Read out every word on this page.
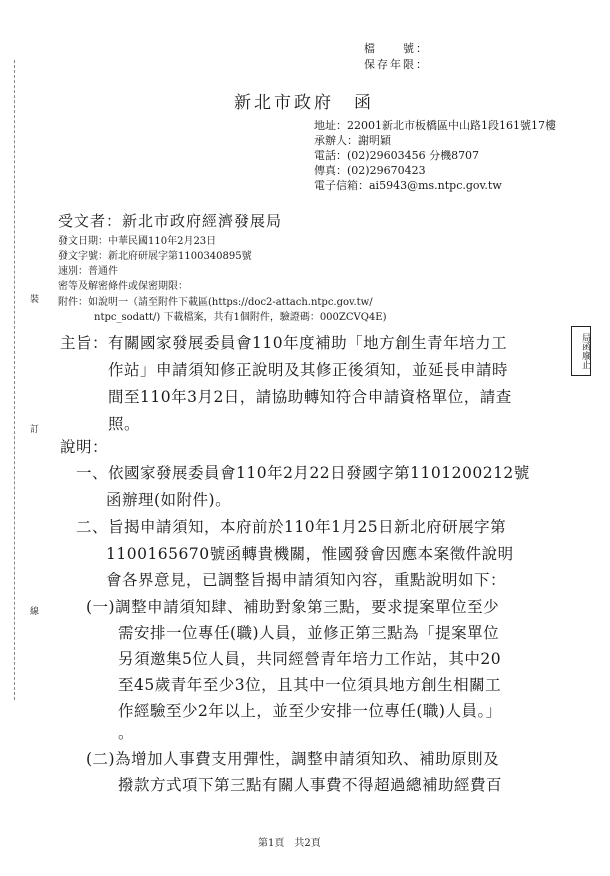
檔　　號：
保存年限：
新北市政府　函
地址：22001新北市板橋區中山路1段161號17樓
承辦人：謝明穎
電話：(02)29603456 分機8707
傳真：(02)29670423
電子信箱：ai5943@ms.ntpc.gov.tw
裝
訂
線
受文者：新北市政府經濟發展局
發文日期：中華民國110年2月23日
發文字號：新北府研展字第1100340895號
速別：普通件
密等及解密條件或保密期限：
附件：如說明一（請至附件下載區(https://doc2-attach.ntpc.gov.tw/
ntpc_sodatt/) 下載檔案，共有1個附件，驗證碼：000ZCVQ4E)
局函廢止
主旨：有關國家發展委員會110年度補助「地方創生青年培力工
作站」申請須知修正說明及其修正後須知，並延長申請時
間至110年3月2日，請協助轉知符合申請資格單位，請查
照。
說明：
一、依國家發展委員會110年2月22日發國字第1101200212號
函辦理(如附件)。
二、旨揭申請須知，本府前於110年1月25日新北府研展字第
1100165670號函轉貴機關，惟國發會因應本案徵件說明
會各界意見，已調整旨揭申請須知內容，重點說明如下：
(一)調整申請須知肆、補助對象第三點，要求提案單位至少
需安排一位專任(職)人員，並修正第三點為「提案單位
另須邀集5位人員，共同經營青年培力工作站，其中20
至45歲青年至少3位，且其中一位須具地方創生相關工
作經驗至少2年以上，並至少安排一位專任(職)人員。」
。
(二)為增加人事費支用彈性，調整申請須知玖、補助原則及
撥款方式項下第三點有關人事費不得超過總補助經費百
第1頁　共2頁
